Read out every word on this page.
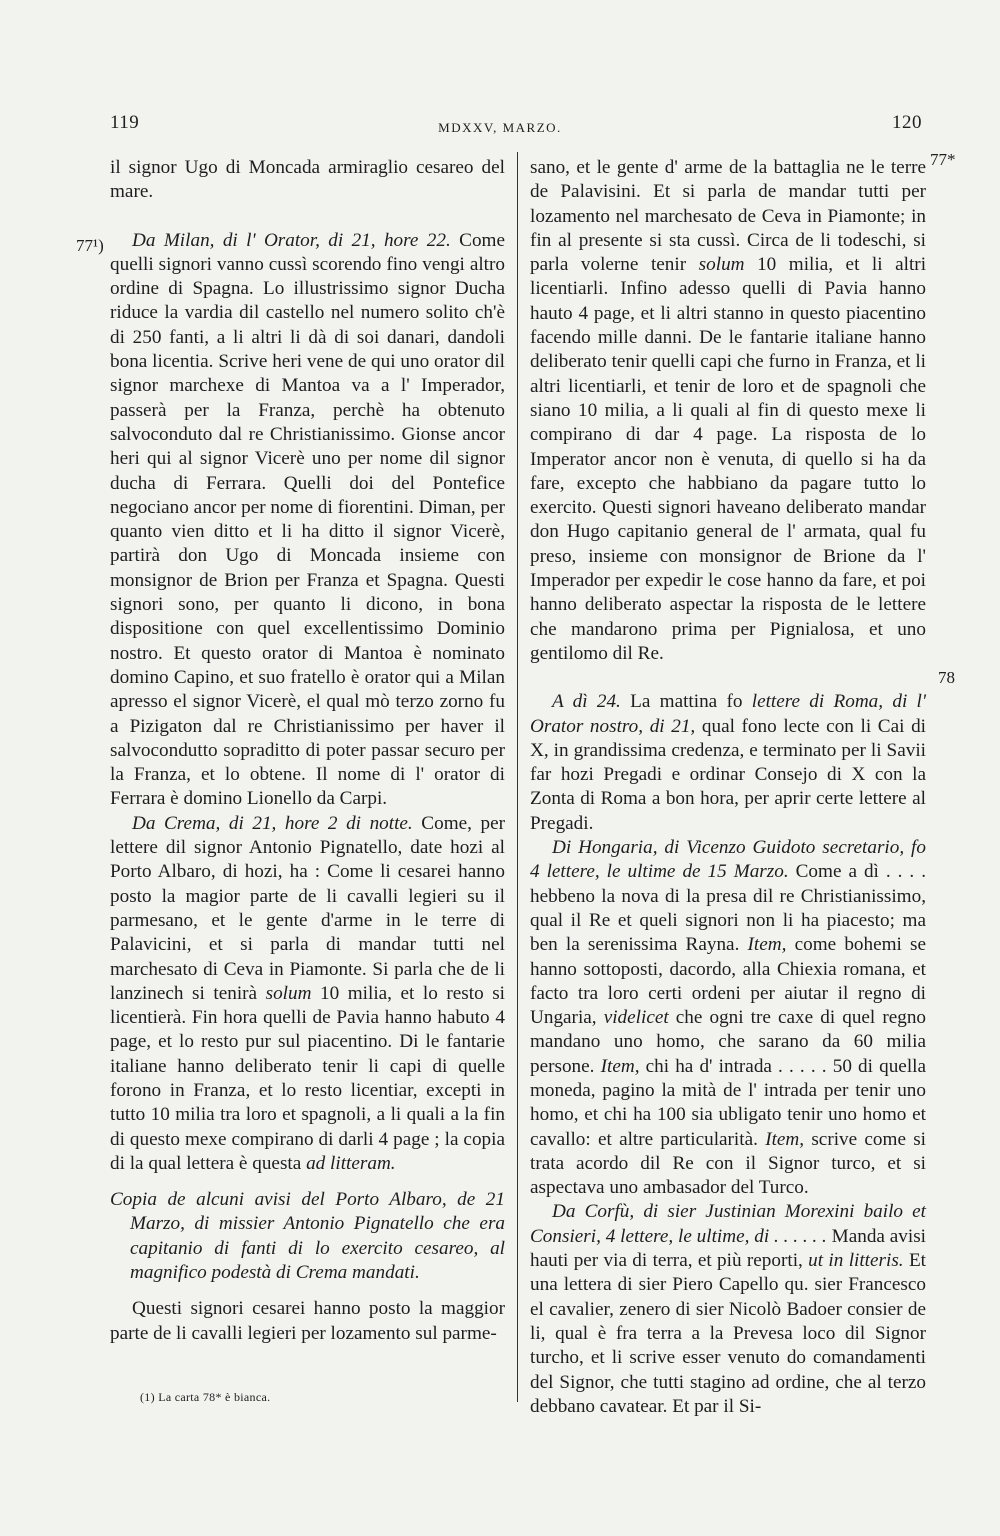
119	MDXXV, MARZO.	120
77¹)
77*
78

il signor Ugo di Moncada armiraglio cesareo del mare.

Da Milan, di l' Orator, di 21, hore 22. Come quelli signori vanno cussì scorendo fino vengi altro ordine di Spagna. Lo illustrissimo signor Ducha riduce la vardia dil castello nel numero solito ch'è di 250 fanti, a li altri li dà di soi danari, dandoli bona licentia. Scrive heri vene de qui uno orator dil signor marchexe di Mantoa va a l' Imperador, passerà per la Franza, perchè ha obtenuto salvoconduto dal re Christianissimo. Gionse ancor heri qui al signor Vicerè uno per nome dil signor ducha di Ferrara. Quelli doi del Pontefice negociano ancor per nome di fiorentini. Diman, per quanto vien ditto et li ha ditto il signor Vicerè, partirà don Ugo di Moncada insieme con monsignor de Brion per Franza et Spagna. Questi signori sono, per quanto li dicono, in bona dispositione con quel excellentissimo Dominio nostro. Et questo orator di Mantoa è nominato domino Capino, et suo fratello è orator qui a Milan apresso el signor Vicerè, el qual mò terzo zorno fu a Pizigaton dal re Christianissimo per haver il salvocondutto sopraditto di poter passar securo per la Franza, et lo obtene. Il nome di l' orator di Ferrara è domino Lionello da Carpi.

Da Crema, di 21, hore 2 di notte. Come, per lettere dil signor Antonio Pignatello, date hozi al Porto Albaro, di hozi, ha : Come li cesarei hanno posto la magior parte de li cavalli legieri su il parmesano, et le gente d'arme in le terre di Palavicini, et si parla di mandar tutti nel marchesato di Ceva in Piamonte. Si parla che de li lanzinech si tenirà solum 10 milia, et lo resto si licentierà. Fin hora quelli de Pavia hanno habuto 4 page, et lo resto pur sul piacentino. Di le fantarie italiane hanno deliberato tenir li capi di quelle forono in Franza, et lo resto licentiar, excepti in tutto 10 milia tra loro et spagnoli, a li quali a la fin di questo mexe compirano di darli 4 page ; la copia di la qual lettera è questa ad litteram.

Copia de alcuni avisi del Porto Albaro, de 21 Marzo, di missier Antonio Pignatello che era capitanio di fanti di lo exercito cesareo, al magnifico podestà di Crema mandati.

Questi signori cesarei hanno posto la maggior parte de li cavalli legieri per lozamento sul parme-

sano, et le gente d' arme de la battaglia ne le terre de Palavisini. Et si parla de mandar tutti per lozamento nel marchesato de Ceva in Piamonte; in fin al presente si sta cussì. Circa de li todeschi, si parla volerne tenir solum 10 milia, et li altri licentiarli. Infino adesso quelli di Pavia hanno hauto 4 page, et li altri stanno in questo piacentino facendo mille danni. De le fantarie italiane hanno deliberato tenir quelli capi che furno in Franza, et li altri licentiarli, et tenir de loro et de spagnoli che siano 10 milia, a li quali al fin di questo mexe li compirano di dar 4 page. La risposta de lo Imperator ancor non è venuta, di quello si ha da fare, excepto che habbiano da pagare tutto lo exercito. Questi signori haveano deliberato mandar don Hugo capitanio general de l' armata, qual fu preso, insieme con monsignor de Brione da l' Imperador per expedir le cose hanno da fare, et poi hanno deliberato aspectar la risposta de le lettere che mandarono prima per Pignialosa, et uno gentilomo dil Re.

A dì 24. La mattina fo lettere di Roma, di l' Orator nostro, di 21, qual fono lecte con li Cai di X, in grandissima credenza, e terminato per li Savii far hozi Pregadi e ordinar Consejo di X con la Zonta di Roma a bon hora, per aprir certe lettere al Pregadi.

Di Hongaria, di Vicenzo Guidoto secretario, fo 4 lettere, le ultime de 15 Marzo. Come a dì . . . . hebbeno la nova di la presa dil re Christianissimo, qual il Re et queli signori non li ha piacesto; ma ben la serenissima Rayna. Item, come bohemi se hanno sottoposti, dacordo, alla Chiexia romana, et facto tra loro certi ordeni per aiutar il regno di Ungaria, videlicet che ogni tre caxe di quel regno mandano uno homo, che sarano da 60 milia persone. Item, chi ha d' intrada . . . . . 50 di quella moneda, pagino la mità de l' intrada per tenir uno homo, et chi ha 100 sia ubligato tenir uno homo et cavallo: et altre particularità. Item, scrive come si trata acordo dil Re con il Signor turco, et si aspectava uno ambasador del Turco.

Da Corfù, di sier Justinian Morexini bailo et Consieri, 4 lettere, le ultime, di . . . . . . Manda avisi hauti per via di terra, et più reporti, ut in litteris. Et una lettera di sier Piero Capello qu. sier Francesco el cavalier, zenero di sier Nicolò Badoer consier de li, qual è fra terra a la Prevesa loco dil Signor turcho, et li scrive esser venuto do comandamenti del Signor, che tutti stagino ad ordine, che al terzo debbano cavatear. Et par il Si-

(1) La carta 78* è bianca.
